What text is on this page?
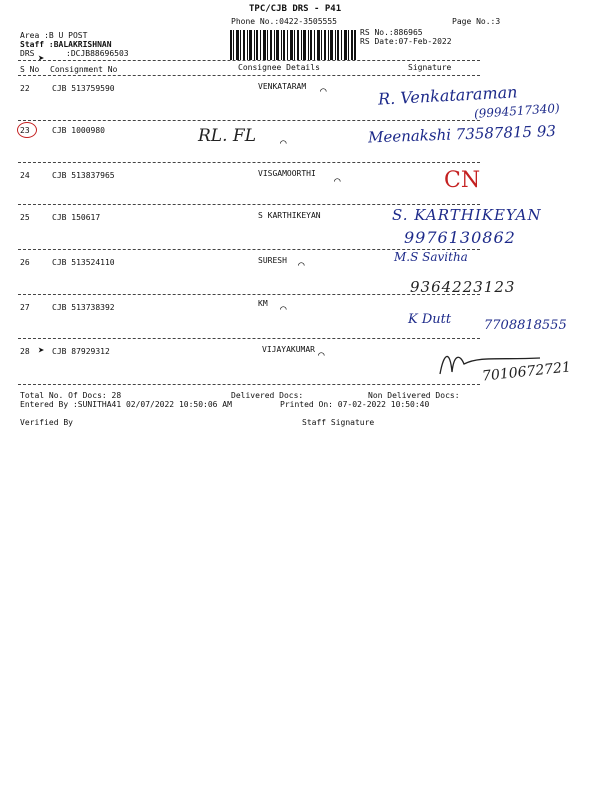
TPC/CJB DRS - P41
Phone No.:0422-3505555	Page No.:3
Area :B U POST
Staff :BALAKRISHNAN
DRS	:DCJB88696503
➤
RS No.:886965
RS Date:07-Feb-2022
S No Consignment No	Consignee Details	Signature
22	CJB 513759590	VENKATARAM ⌒	R. Venkataraman
(9994517340)
23	CJB 1000980	RL. FL ⌒	Meenakshi 73587815 93
24	CJB 513837965	VISGAMOORTHI
⌒	CN
25	CJB 150617	S KARTHIKEYAN	S. KARTHIKEYAN
9976130862
26	CJB 513524110	SURESH ⌒
M.S Savitha
9364223123
27	CJB 513738392	KM ⌒
K Dutt	7708818555
28 ➤ CJB 87929312	VIJAYAKUMAR ⌒
7010672721
Total No. Of Docs: 28	Delivered Docs:	Non Delivered Docs:
Entered By :SUNITHA41 02/07/2022 10:50:06 AM	Printed On: 07-02-2022 10:50:40
Verified By	Staff Signature
